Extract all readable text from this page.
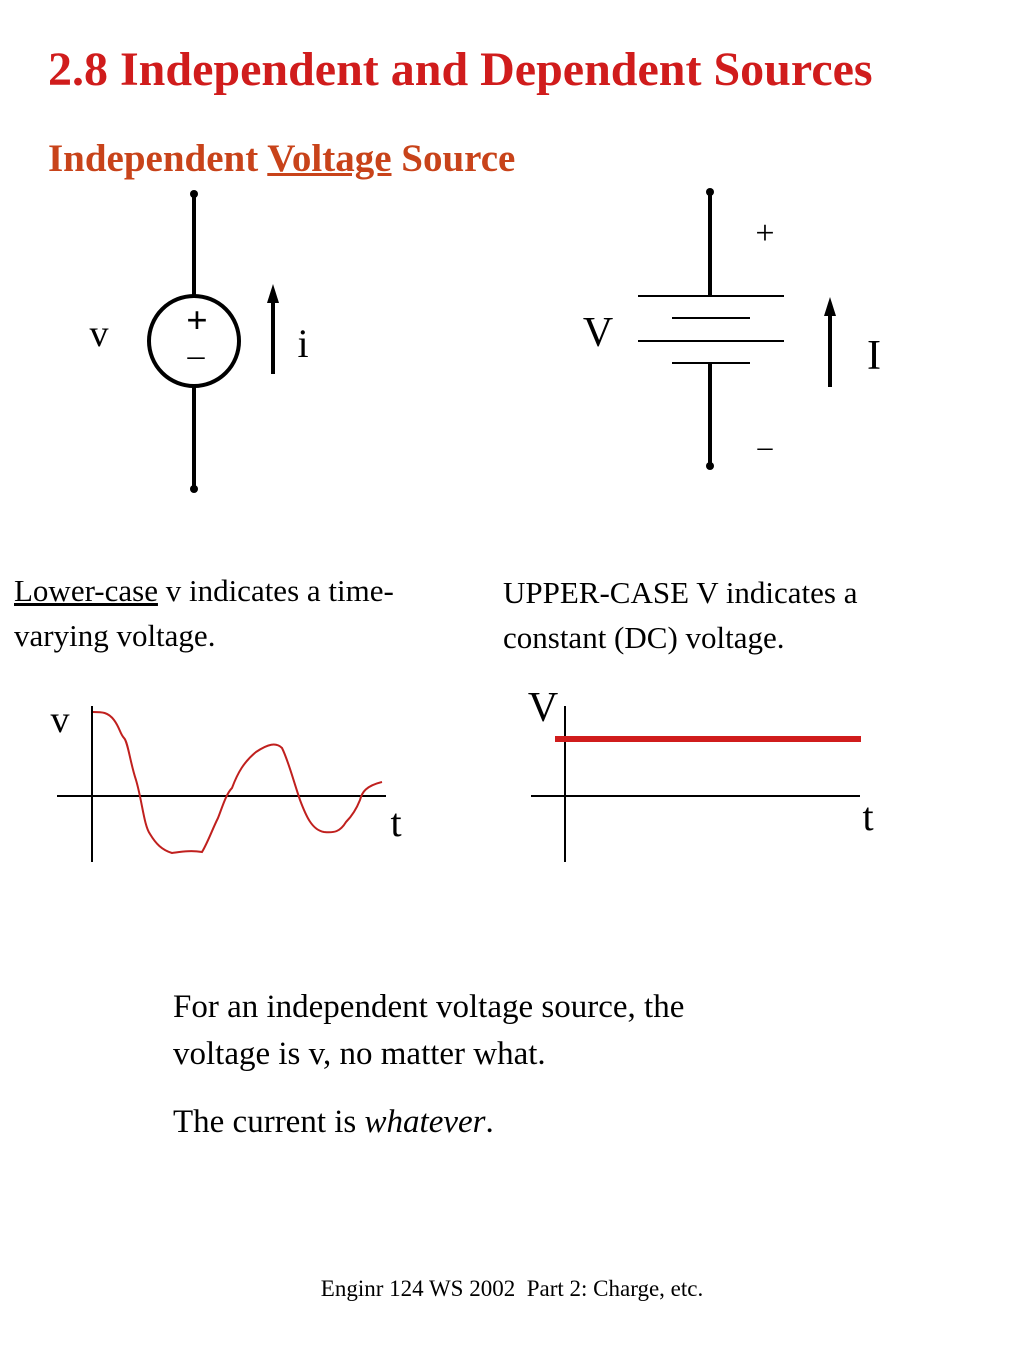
2.8 Independent and Dependent Sources
Independent Voltage Source
+
–
v	i
+
–
V	I
v
t
V
t
Lower-case v indicates a time-
varying voltage.
UPPER-CASE V indicates a
constant (DC) voltage.
For an independent voltage source, the
voltage is v, no matter what.
The current is whatever.
Enginr 124 WS 2002  Part 2: Charge, etc.
